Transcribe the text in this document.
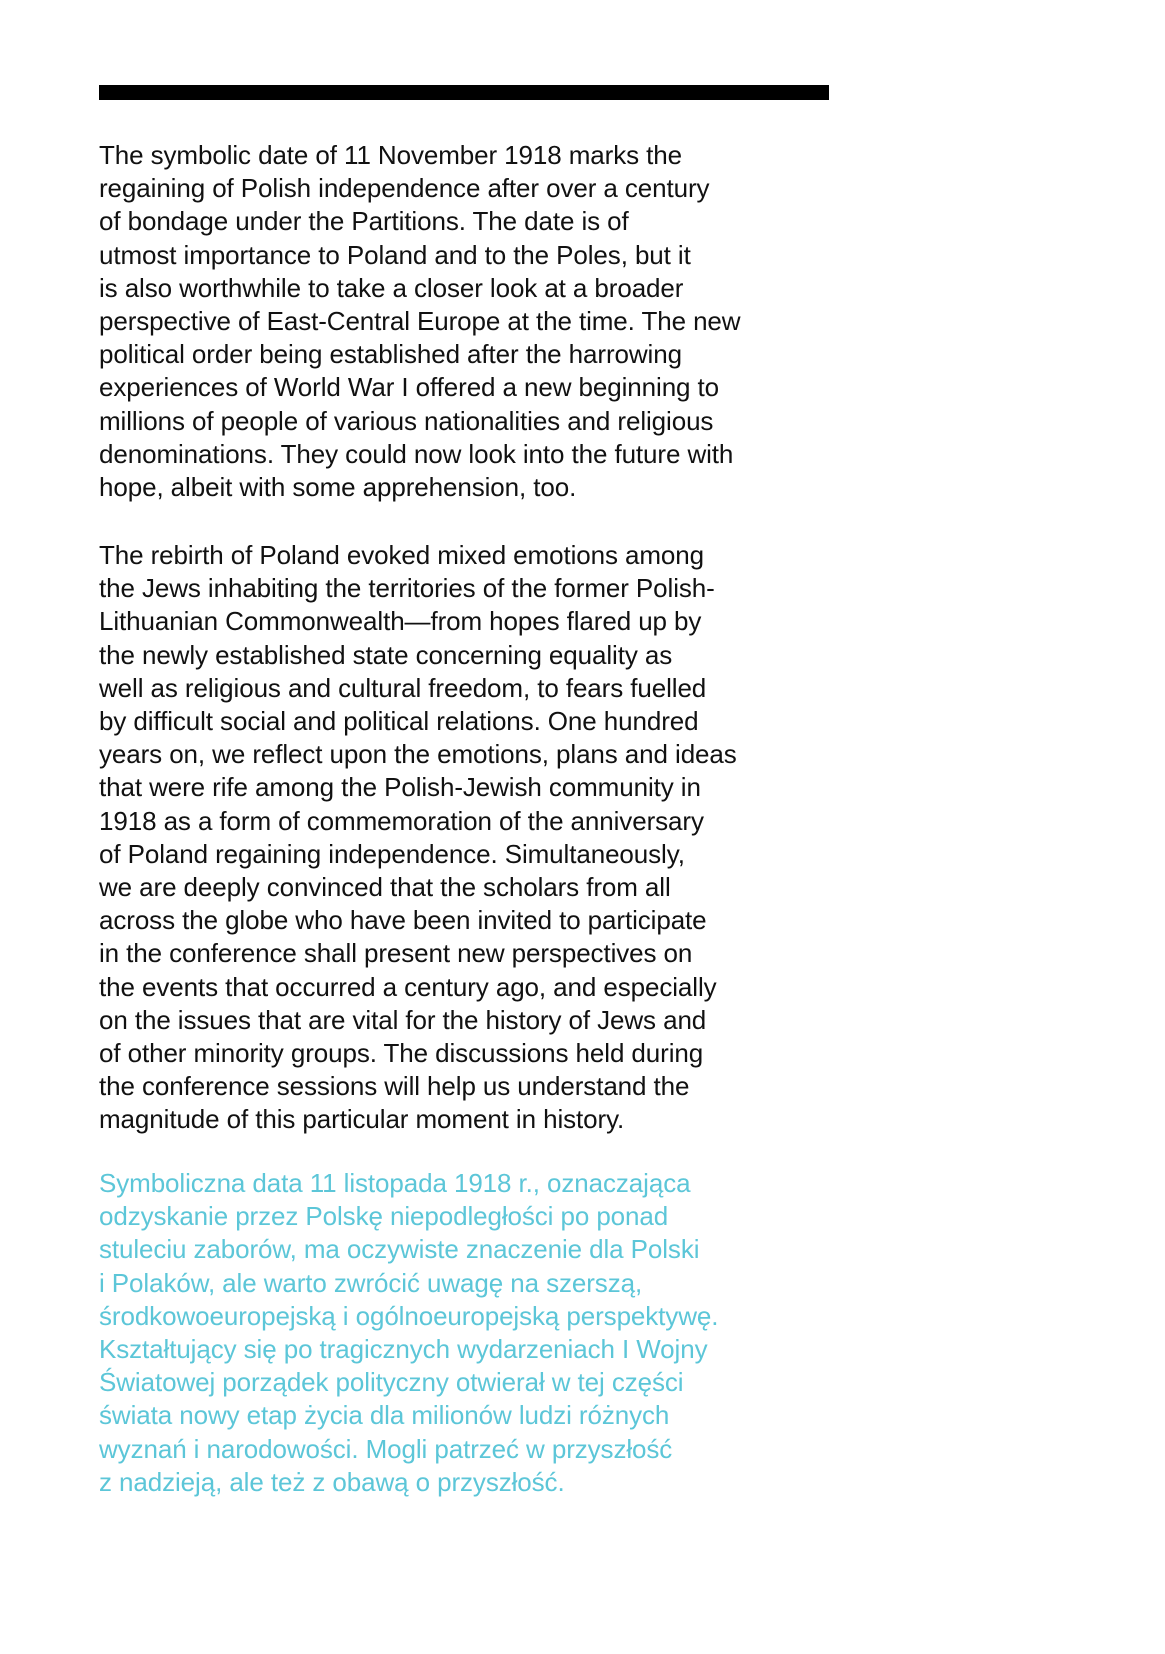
The symbolic date of 11 November 1918 marks the
regaining of Polish independence after over a century
of bondage under the Partitions. The date is of
utmost importance to Poland and to the Poles, but it
is also worthwhile to take a closer look at a broader
perspective of East-Central Europe at the time. The new
political order being established after the harrowing
experiences of World War I offered a new beginning to
millions of people of various nationalities and religious
denominations. They could now look into the future with
hope, albeit with some apprehension, too.
The rebirth of Poland evoked mixed emotions among
the Jews inhabiting the territories of the former Polish-
Lithuanian Commonwealth—from hopes flared up by
the newly established state concerning equality as
well as religious and cultural freedom, to fears fuelled
by difficult social and political relations. One hundred
years on, we reflect upon the emotions, plans and ideas
that were rife among the Polish-Jewish community in
1918 as a form of commemoration of the anniversary
of Poland regaining independence. Simultaneously,
we are deeply convinced that the scholars from all
across the globe who have been invited to participate
in the conference shall present new perspectives on
the events that occurred a century ago, and especially
on the issues that are vital for the history of Jews and
of other minority groups. The discussions held during
the conference sessions will help us understand the
magnitude of this particular moment in history.
Symboliczna data 11 listopada 1918 r., oznaczająca
odzyskanie przez Polskę niepodległości po ponad
stuleciu zaborów, ma oczywiste znaczenie dla Polski
i Polaków, ale warto zwrócić uwagę na szerszą,
środkowoeuropejską i ogólnoeuropejską perspektywę.
Kształtujący się po tragicznych wydarzeniach I Wojny
Światowej porządek polityczny otwierał w tej części
świata nowy etap życia dla milionów ludzi różnych
wyznań i narodowości. Mogli patrzeć w przyszłość
z nadzieją, ale też z obawą o przyszłość.
